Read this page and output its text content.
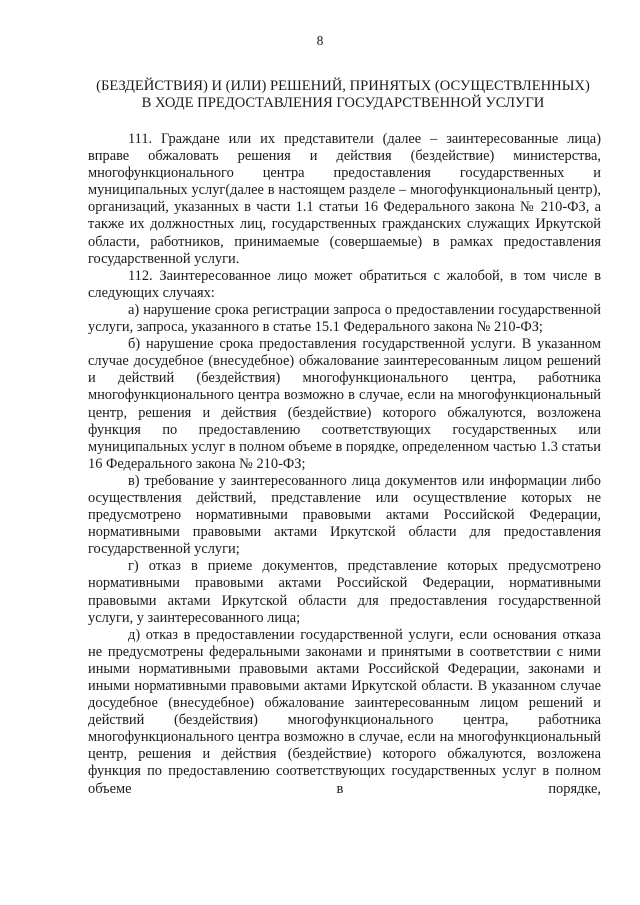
8
(БЕЗДЕЙСТВИЯ) И (ИЛИ) РЕШЕНИЙ, ПРИНЯТЫХ (ОСУЩЕСТВЛЕННЫХ)
В ХОДЕ ПРЕДОСТАВЛЕНИЯ ГОСУДАРСТВЕННОЙ УСЛУГИ

111. Граждане или их представители (далее – заинтересованные лица) вправе обжаловать решения и действия (бездействие) министерства, многофункционального центра предоставления государственных и муниципальных услуг(далее в настоящем разделе – многофункциональный центр), организаций, указанных в части 1.1 статьи 16 Федерального закона № 210-ФЗ, а также их должностных лиц, государственных гражданских служащих Иркутской области, работников, принимаемые (совершаемые) в рамках предоставления государственной услуги.

112. Заинтересованное лицо может обратиться с жалобой, в том числе в следующих случаях:

а) нарушение срока регистрации запроса о предоставлении государственной услуги, запроса, указанного в статье 15.1 Федерального закона № 210-ФЗ;

б) нарушение срока предоставления государственной услуги. В указанном случае досудебное (внесудебное) обжалование заинтересованным лицом решений и действий (бездействия) многофункционального центра, работника многофункционального центра возможно в случае, если на многофункциональный центр, решения и действия (бездействие) которого обжалуются, возложена функция по предоставлению соответствующих государственных или муниципальных услуг в полном объеме в порядке, определенном частью 1.3 статьи 16 Федерального закона № 210-ФЗ;

в) требование у заинтересованного лица документов или информации либо осуществления действий, представление или осуществление которых не предусмотрено нормативными правовыми актами Российской Федерации, нормативными правовыми актами Иркутской области для предоставления государственной услуги;

г) отказ в приеме документов, представление которых предусмотрено нормативными правовыми актами Российской Федерации, нормативными правовыми актами Иркутской области для предоставления государственной услуги, у заинтересованного лица;

д) отказ в предоставлении государственной услуги, если основания отказа не предусмотрены федеральными законами и принятыми в соответствии с ними иными нормативными правовыми актами Российской Федерации, законами и иными нормативными правовыми актами Иркутской области. В указанном случае досудебное (внесудебное) обжалование заинтересованным лицом решений и действий (бездействия) многофункционального центра, работника многофункционального центра возможно в случае, если на многофункциональный центр, решения и действия (бездействие) которого обжалуются, возложена функция по предоставлению соответствующих государственных услуг в полном объеме в порядке,
